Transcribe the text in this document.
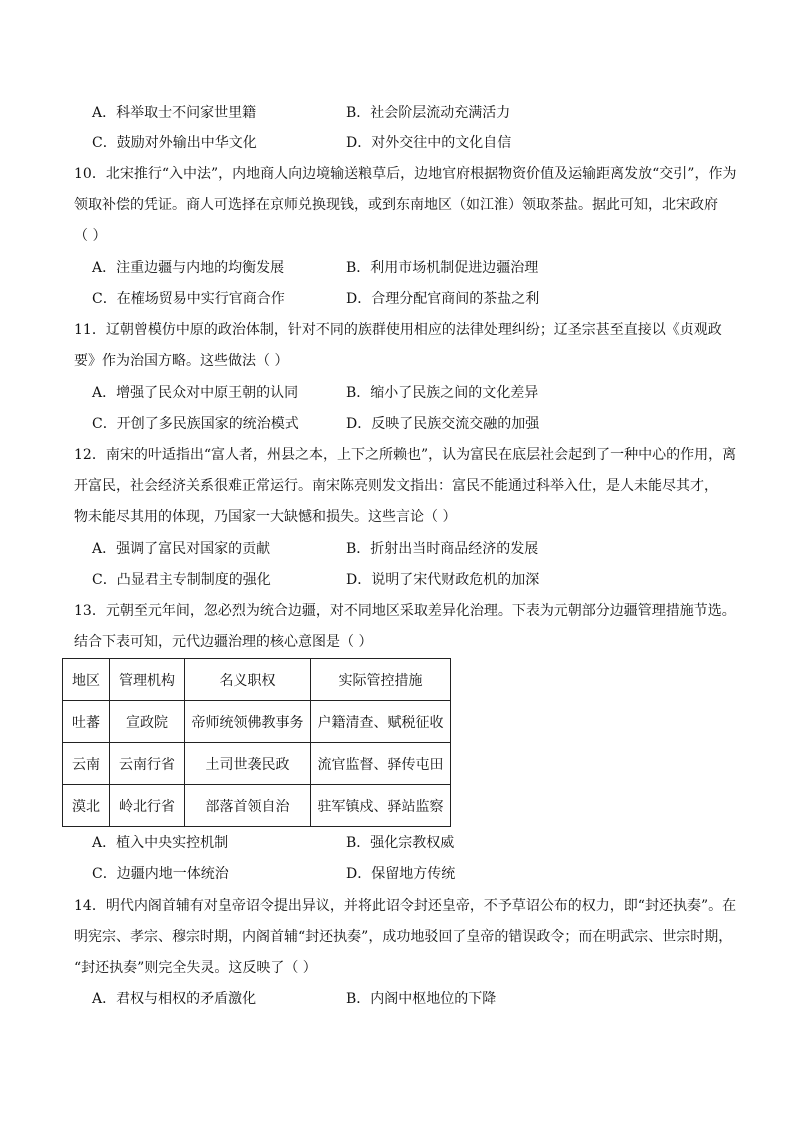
A．科举取士不问家世里籍	B．社会阶层流动充满活力
C．鼓励对外输出中华文化	D．对外交往中的文化自信
10．北宋推行“入中法”，内地商人向边境输送粮草后，边地官府根据物资价值及运输距离发放“交引”，作为
领取补偿的凭证。商人可选择在京师兑换现钱，或到东南地区（如江淮）领取茶盐。据此可知，北宋政府
（ ）
A．注重边疆与内地的均衡发展	B．利用市场机制促进边疆治理
C．在榷场贸易中实行官商合作	D．合理分配官商间的茶盐之利
11．辽朝曾模仿中原的政治体制，针对不同的族群使用相应的法律处理纠纷；辽圣宗甚至直接以《贞观政
要》作为治国方略。这些做法（ ）
A．增强了民众对中原王朝的认同	B．缩小了民族之间的文化差异
C．开创了多民族国家的统治模式	D．反映了民族交流交融的加强
12．南宋的叶适指出“富人者，州县之本，上下之所赖也”，认为富民在底层社会起到了一种中心的作用，离
开富民，社会经济关系很难正常运行。南宋陈亮则发文指出：富民不能通过科举入仕，是人未能尽其才，
物未能尽其用的体现，乃国家一大缺憾和损失。这些言论（ ）
A．强调了富民对国家的贡献	B．折射出当时商品经济的发展
C．凸显君主专制制度的强化	D．说明了宋代财政危机的加深
13．元朝至元年间，忽必烈为统合边疆，对不同地区采取差异化治理。下表为元朝部分边疆管理措施节选。
结合下表可知，元代边疆治理的核心意图是（ ）
地区	管理机构	名义职权	实际管控措施
吐蕃	宣政院	帝师统领佛教事务	户籍清查、赋税征收
云南	云南行省	土司世袭民政	流官监督、驿传屯田
漠北	岭北行省	部落首领自治	驻军镇戍、驿站监察
A．植入中央实控机制	B．强化宗教权威
C．边疆内地一体统治	D．保留地方传统
14．明代内阁首辅有对皇帝诏令提出异议，并将此诏令封还皇帝，不予草诏公布的权力，即“封还执奏”。在
明宪宗、孝宗、穆宗时期，内阁首辅“封还执奏”，成功地驳回了皇帝的错误政令；而在明武宗、世宗时期，
“封还执奏”则完全失灵。这反映了（ ）
A．君权与相权的矛盾激化	B．内阁中枢地位的下降
